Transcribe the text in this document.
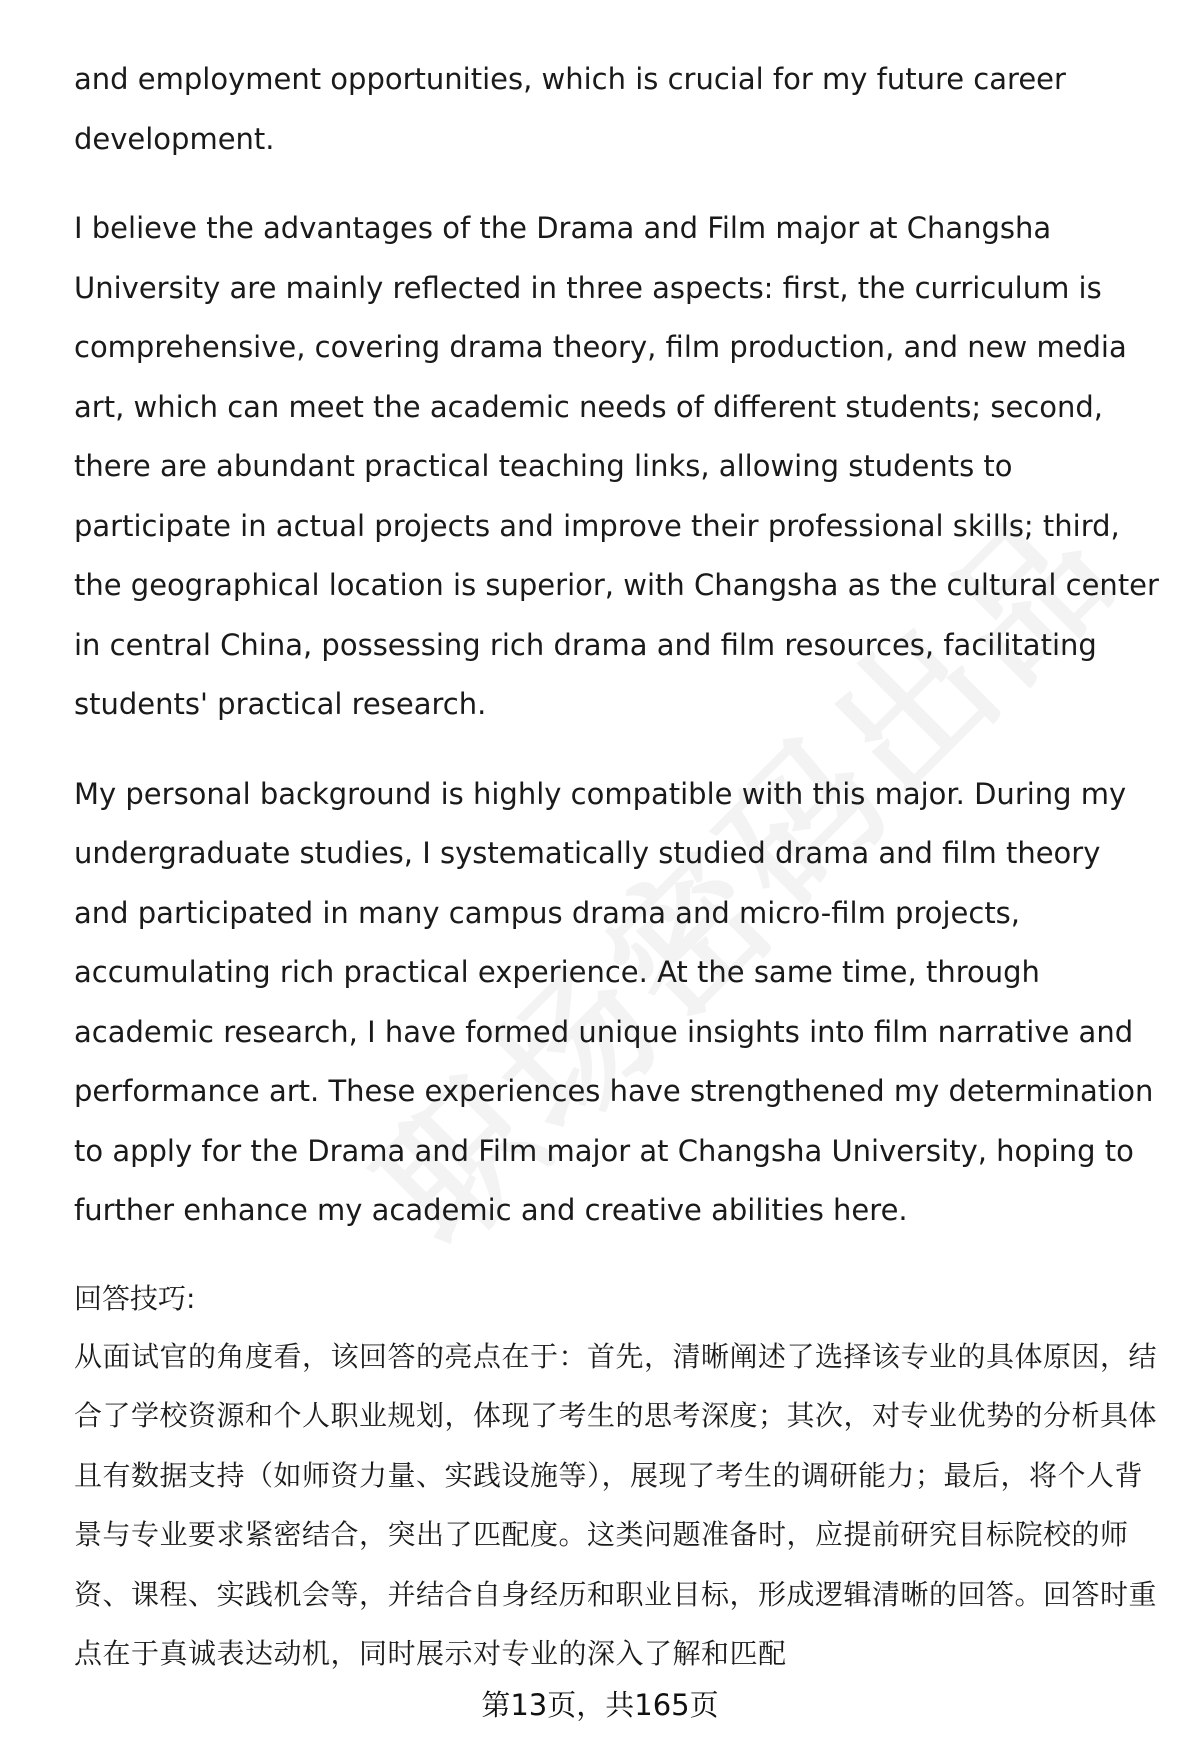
and employment opportunities, which is crucial for my future career development.

I believe the advantages of the Drama and Film major at Changsha University are mainly reflected in three aspects: first, the curriculum is comprehensive, covering drama theory, film production, and new media art, which can meet the academic needs of different students; second, there are abundant practical teaching links, allowing students to participate in actual projects and improve their professional skills; third, the geographical location is superior, with Changsha as the cultural center in central China, possessing rich drama and film resources, facilitating students' practical research.

My personal background is highly compatible with this major. During my undergraduate studies, I systematically studied drama and film theory and participated in many campus drama and micro-film projects, accumulating rich practical experience. At the same time, through academic research, I have formed unique insights into film narrative and performance art. These experiences have strengthened my determination to apply for the Drama and Film major at Changsha University, hoping to further enhance my academic and creative abilities here.

回答技巧:
从面试官的角度看，该回答的亮点在于：首先，清晰阐述了选择该专业的具体原因，结合了学校资源和个人职业规划，体现了考生的思考深度；其次，对专业优势的分析具体且有数据支持（如师资力量、实践设施等），展现了考生的调研能力；最后，将个人背景与专业要求紧密结合，突出了匹配度。这类问题准备时，应提前研究目标院校的师资、课程、实践机会等，并结合自身经历和职业目标，形成逻辑清晰的回答。回答时重点在于真诚表达动机，同时展示对专业的深入了解和匹配
第13页，共165页
